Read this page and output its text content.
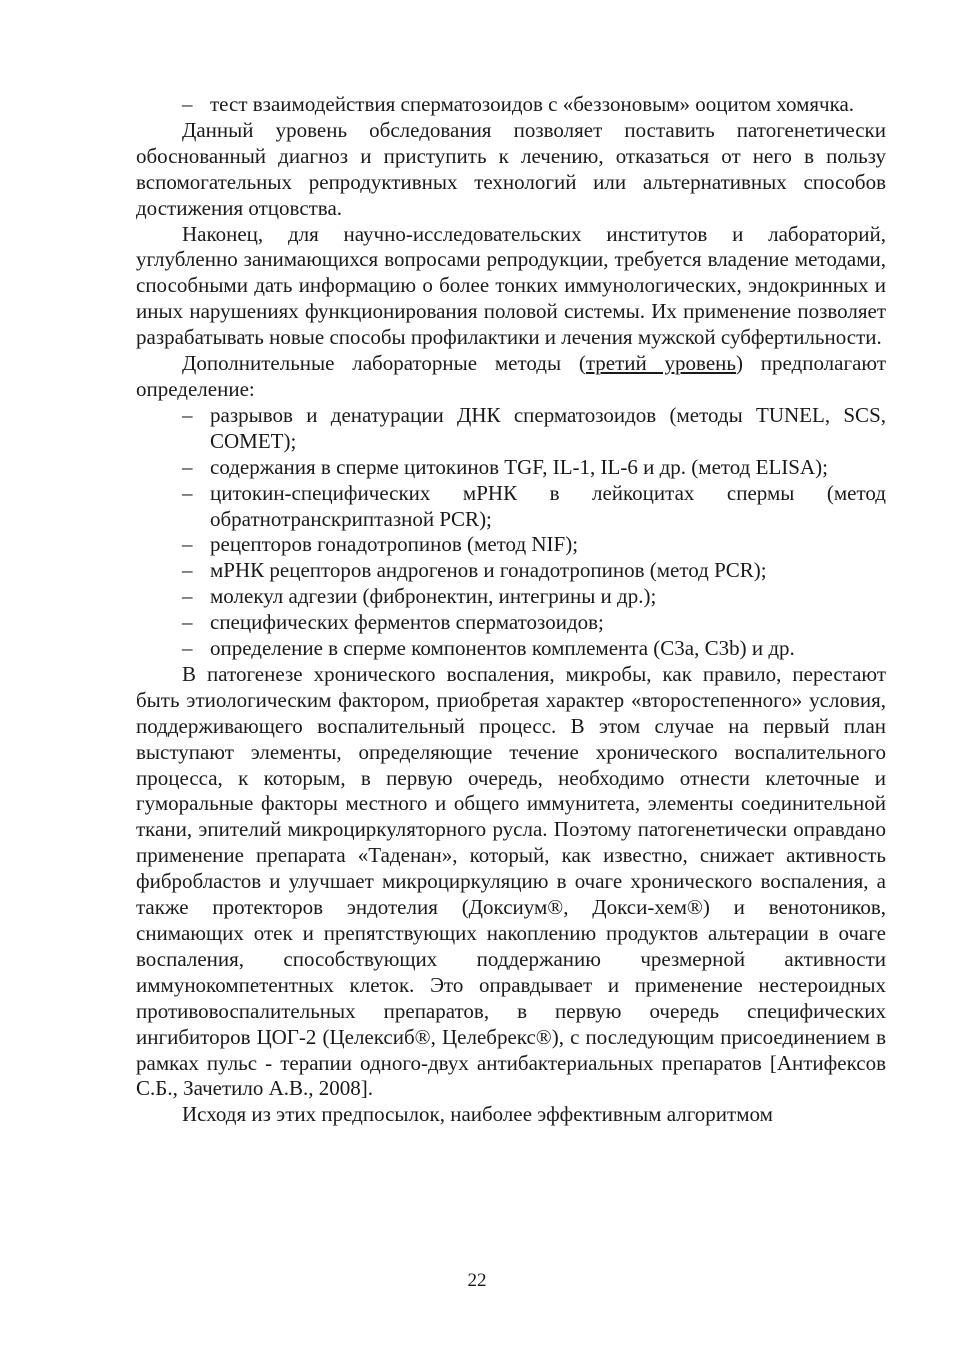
– тест взаимодействия сперматозоидов с «беззоновым» ооцитом хомячка.

Данный уровень обследования позволяет поставить патогенетически обоснованный диагноз и приступить к лечению, отказаться от него в пользу вспомогательных репродуктивных технологий или альтернативных способов достижения отцовства.

Наконец, для научно-исследовательских институтов и лабораторий, углубленно занимающихся вопросами репродукции, требуется владение методами, способными дать информацию о более тонких иммунологических, эндокринных и иных нарушениях функционирования половой системы. Их применение позволяет разрабатывать новые способы профилактики и лечения мужской субфертильности.

Дополнительные лабораторные методы (третий уровень) предполагают определение:

– разрывов и денатурации ДНК сперматозоидов (методы TUNEL, SCS, COMET);
– содержания в сперме цитокинов TGF, IL-1, IL-6 и др. (метод ELISA);
– цитокин-специфических мРНК в лейкоцитах спермы (метод обратнотранскриптазной PCR);
– рецепторов гонадотропинов (метод NIF);
– мРНК рецепторов андрогенов и гонадотропинов (метод PCR);
– молекул адгезии (фибронектин, интегрины и др.);
– специфических ферментов сперматозоидов;
– определение в сперме компонентов комплемента (C3a, C3b) и др.

В патогенезе хронического воспаления, микробы, как правило, перестают быть этиологическим фактором, приобретая характер «второстепенного» условия, поддерживающего воспалительный процесс. В этом случае на первый план выступают элементы, определяющие течение хронического воспалительного процесса, к которым, в первую очередь, необходимо отнести клеточные и гуморальные факторы местного и общего иммунитета, элементы соединительной ткани, эпителий микроциркуляторного русла. Поэтому патогенетически оправдано применение препарата «Таденан», который, как известно, снижает активность фибробластов и улучшает микроциркуляцию в очаге хронического воспаления, а также протекторов эндотелия (Доксиум®, Докси-хем®) и венотоников, снимающих отек и препятствующих накоплению продуктов альтерации в очаге воспаления, способствующих поддержанию чрезмерной активности иммунокомпетентных клеток. Это оправдывает и применение нестероидных противовоспалительных препаратов, в первую очередь специфических ингибиторов ЦОГ-2 (Целексиб®, Целебрекс®), с последующим присоединением в рамках пульс - терапии одного-двух антибактериальных препаратов [Антифексов С.Б., Зачетило А.В., 2008].

Исходя из этих предпосылок, наиболее эффективным алгоритмом

22
